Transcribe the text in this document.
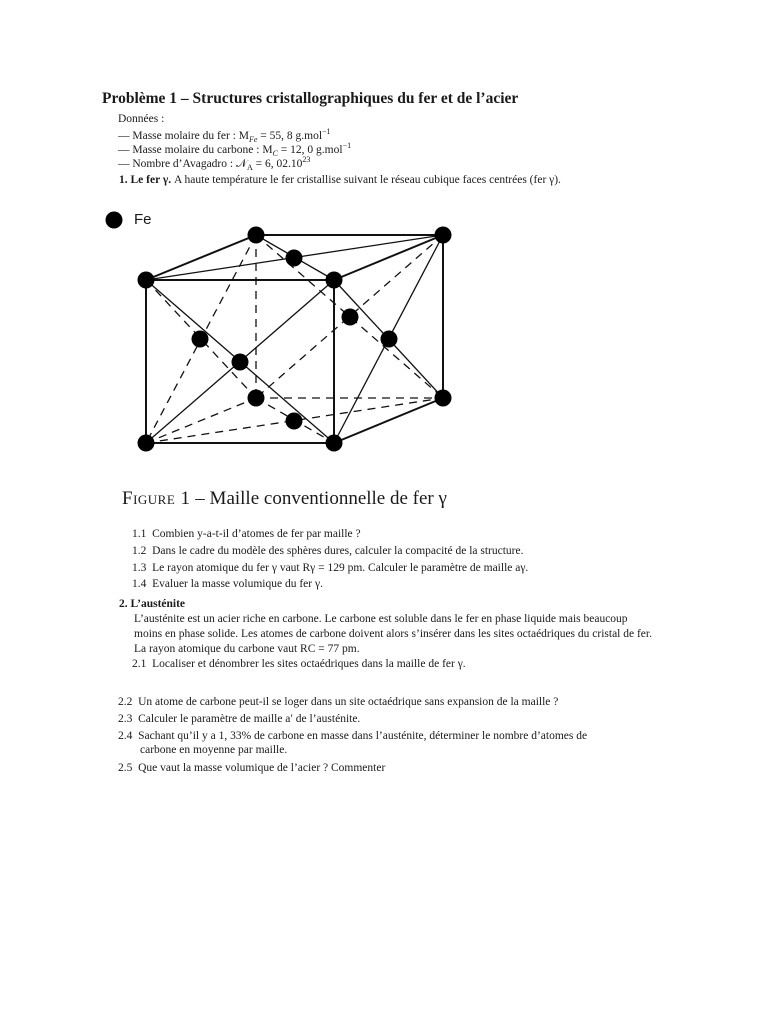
Problème 1 – Structures cristallographiques du fer et de l’acier
Données :
— Masse molaire du fer : $M_{Fe} = 55$, 8 g.mol$^{-1}$
— Masse molaire du carbone : $M_C = 12$, 0 g.mol$^{-1}$
— Nombre d’Avagadro : 𝒩$_A$ = 6, 02.10$^{23}$
1. Le fer γ. A haute température le fer cristallise suivant le réseau cubique faces centrées (fer γ).
Fe
Figure 1 – Maille conventionnelle de fer γ
1.1 Combien y-a-t-il d’atomes de fer par maille ?
1.2 Dans le cadre du modèle des sphères dures, calculer la compacité de la structure.
1.3 Le rayon atomique du fer γ vaut Rγ = 129 pm. Calculer le paramètre de maille aγ.
1.4 Evaluer la masse volumique du fer γ.
2. L’austénite
L’austénite est un acier riche en carbone. Le carbone est soluble dans le fer en phase liquide mais beaucoup moins en phase solide. Les atomes de carbone doivent alors s’insérer dans les sites octaédriques du cristal de fer. La rayon atomique du carbone vaut RC = 77 pm.
2.1 Localiser et dénombrer les sites octaédriques dans la maille de fer γ.
2.2 Un atome de carbone peut-il se loger dans un site octaédrique sans expansion de la maille ?
2.3 Calculer le paramètre de maille a′ de l’austénite.
2.4 Sachant qu’il y a 1, 33% de carbone en masse dans l’austénite, déterminer le nombre d’atomes de
carbone en moyenne par maille.
2.5 Que vaut la masse volumique de l’acier ? Commenter
